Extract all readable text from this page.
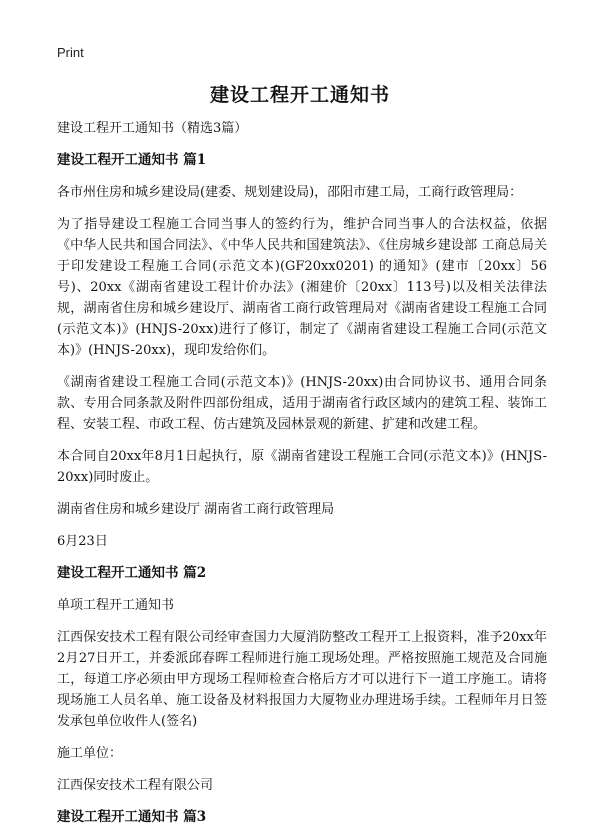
Print
建设工程开工通知书

建设工程开工通知书（精选3篇）

建设工程开工通知书 篇1

各市州住房和城乡建设局(建委、规划建设局)，邵阳市建工局，工商行政管理局：

为了指导建设工程施工合同当事人的签约行为，维护合同当事人的合法权益，依据《中华人民共和国合同法》、《中华人民共和国建筑法》、《住房城乡建设部 工商总局关于印发建设工程施工合同(示范文本)(GF20xx0201) 的通知》(建市〔20xx〕56号)、20xx《湖南省建设工程计价办法》(湘建价〔20xx〕113号)以及相关法律法规，湖南省住房和城乡建设厅、湖南省工商行政管理局对《湖南省建设工程施工合同(示范文本)》(HNJS-20xx)进行了修订，制定了《湖南省建设工程施工合同(示范文本)》(HNJS-20xx)，现印发给你们。

《湖南省建设工程施工合同(示范文本)》(HNJS-20xx)由合同协议书、通用合同条款、专用合同条款及附件四部份组成，适用于湖南省行政区域内的建筑工程、装饰工程、安装工程、市政工程、仿古建筑及园林景观的新建、扩建和改建工程。

本合同自20xx年8月1日起执行，原《湖南省建设工程施工合同(示范文本)》(HNJS-20xx)同时废止。

湖南省住房和城乡建设厅 湖南省工商行政管理局

6月23日

建设工程开工通知书 篇2

单项工程开工通知书

江西保安技术工程有限公司经审查国力大厦消防整改工程开工上报资料，准予20xx年2月27日开工，并委派邱春晖工程师进行施工现场处理。严格按照施工规范及合同施工，每道工序必须由甲方现场工程师检查合格后方才可以进行下一道工序施工。请将现场施工人员名单、施工设备及材料报国力大厦物业办理进场手续。工程师年月日签发承包单位收件人(签名)

施工单位：

江西保安技术工程有限公司

建设工程开工通知书 篇3
